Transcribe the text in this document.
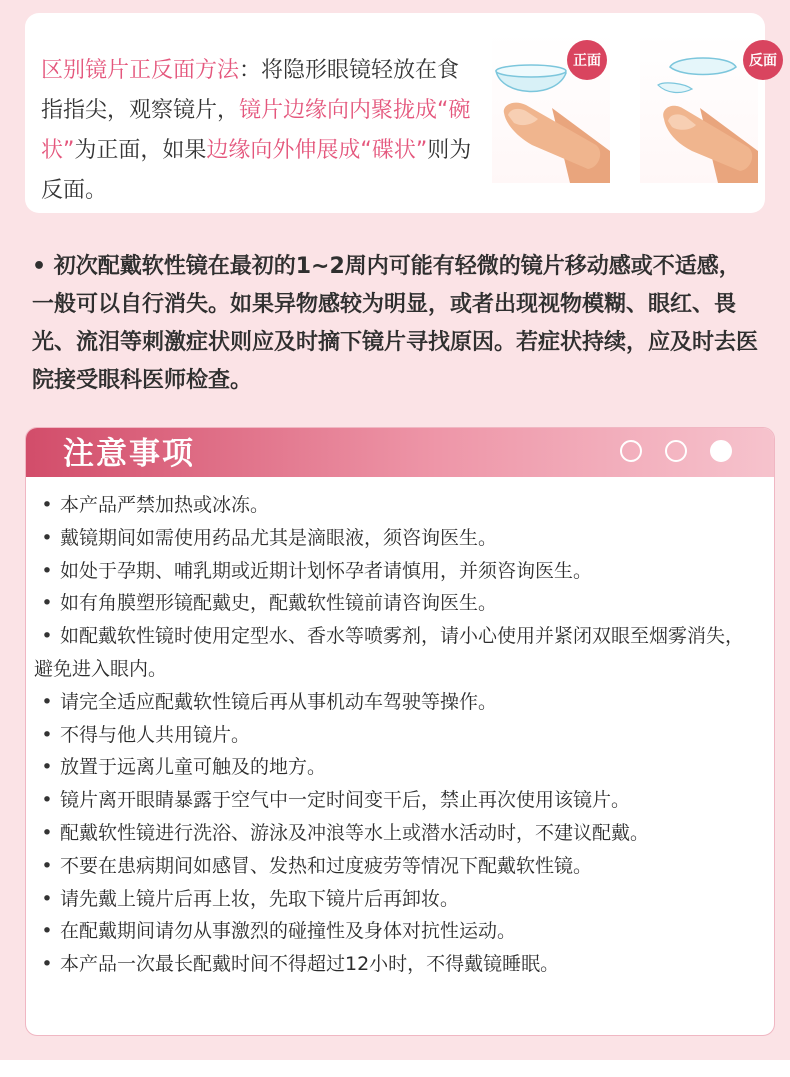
区别镜片正反面方法：将隐形眼镜轻放在食指指尖，观察镜片，镜片边缘向内聚拢成“碗状”为正面，如果边缘向外伸展成“碟状”则为反面。
正面	反面
• 初次配戴软性镜在最初的1~2周内可能有轻微的镜片移动感或不适感，一般可以自行消失。如果异物感较为明显，或者出现视物模糊、眼红、畏光、流泪等刺激症状则应及时摘下镜片寻找原因。若症状持续，应及时去医院接受眼科医师检查。
注意事项
• 本产品严禁加热或冰冻。
• 戴镜期间如需使用药品尤其是滴眼液，须咨询医生。
• 如处于孕期、哺乳期或近期计划怀孕者请慎用，并须咨询医生。
• 如有角膜塑形镜配戴史，配戴软性镜前请咨询医生。
• 如配戴软性镜时使用定型水、香水等喷雾剂，请小心使用并紧闭双眼至烟雾消失，避免进入眼内。
• 请完全适应配戴软性镜后再从事机动车驾驶等操作。
• 不得与他人共用镜片。
• 放置于远离儿童可触及的地方。
• 镜片离开眼睛暴露于空气中一定时间变干后，禁止再次使用该镜片。
• 配戴软性镜进行洗浴、游泳及冲浪等水上或潜水活动时，不建议配戴。
• 不要在患病期间如感冒、发热和过度疲劳等情况下配戴软性镜。
• 请先戴上镜片后再上妆，先取下镜片后再卸妆。
• 在配戴期间请勿从事激烈的碰撞性及身体对抗性运动。
• 本产品一次最长配戴时间不得超过12小时，不得戴镜睡眠。
